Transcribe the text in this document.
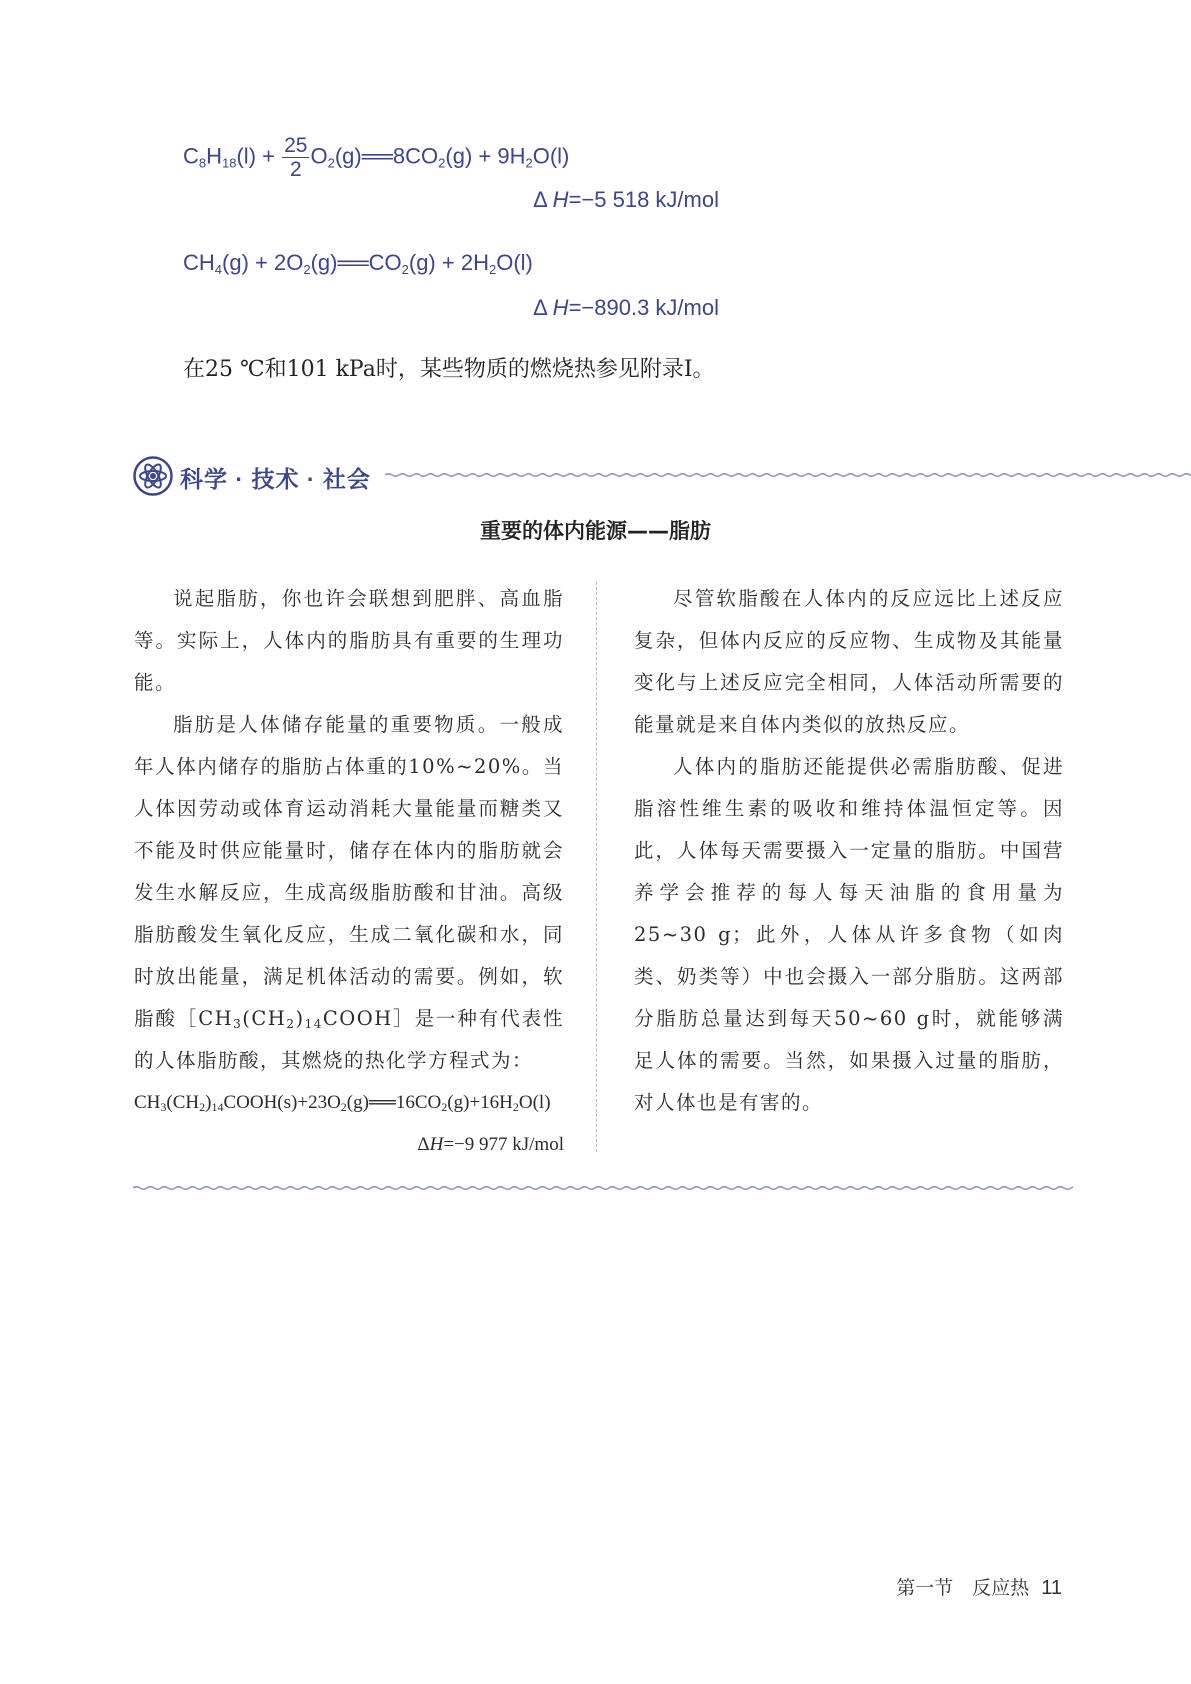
$C_8H_{18}(l) + \frac{25}{2}$ $O_2(g)══8CO_2(g) + 9H_2O(l)$
Δ H=−5 518 kJ/mol
$CH_4(g)$ + $2O_2(g)══CO_2(g) + 2H_2O(l)$
Δ H=−890.3 kJ/mol
在25 ℃和101 kPa时，某些物质的燃烧热参见附录Ⅰ。
科学 · 技术 · 社会
重要的体内能源——脂肪

说起脂肪，你也许会联想到肥胖、高血脂等。实际上，人体内的脂肪具有重要的生理功能。

脂肪是人体储存能量的重要物质。一般成年人体内储存的脂肪占体重的10%~20%。当人体因劳动或体育运动消耗大量能量而糖类又不能及时供应能量时，储存在体内的脂肪就会发生水解反应，生成高级脂肪酸和甘油。高级脂肪酸发生氧化反应，生成二氧化碳和水，同时放出能量，满足机体活动的需要。例如，软脂酸$[CH_3(CH_2)_{14}COOH]$是一种有代表性的人体脂肪酸，其燃烧的热化学方程式为：

$CH_3(CH_2)_{14}COOH(s)+23O_2(g)══16CO_2(g)+16H_2O(l)$

ΔH=−9 977 kJ/mol

尽管软脂酸在人体内的反应远比上述反应复杂，但体内反应的反应物、生成物及其能量变化与上述反应完全相同，人体活动所需要的能量就是来自体内类似的放热反应。

人体内的脂肪还能提供必需脂肪酸、促进脂溶性维生素的吸收和维持体温恒定等。因此，人体每天需要摄入一定量的脂肪。中国营养学会推荐的每人每天油脂的食用量为25~30 g；此外，人体从许多食物（如肉类、奶类等）中也会摄入一部分脂肪。这两部分脂肪总量达到每天50~60 g时，就能够满足人体的需要。当然，如果摄入过量的脂肪，对人体也是有害的。

第一节　反应热 11
